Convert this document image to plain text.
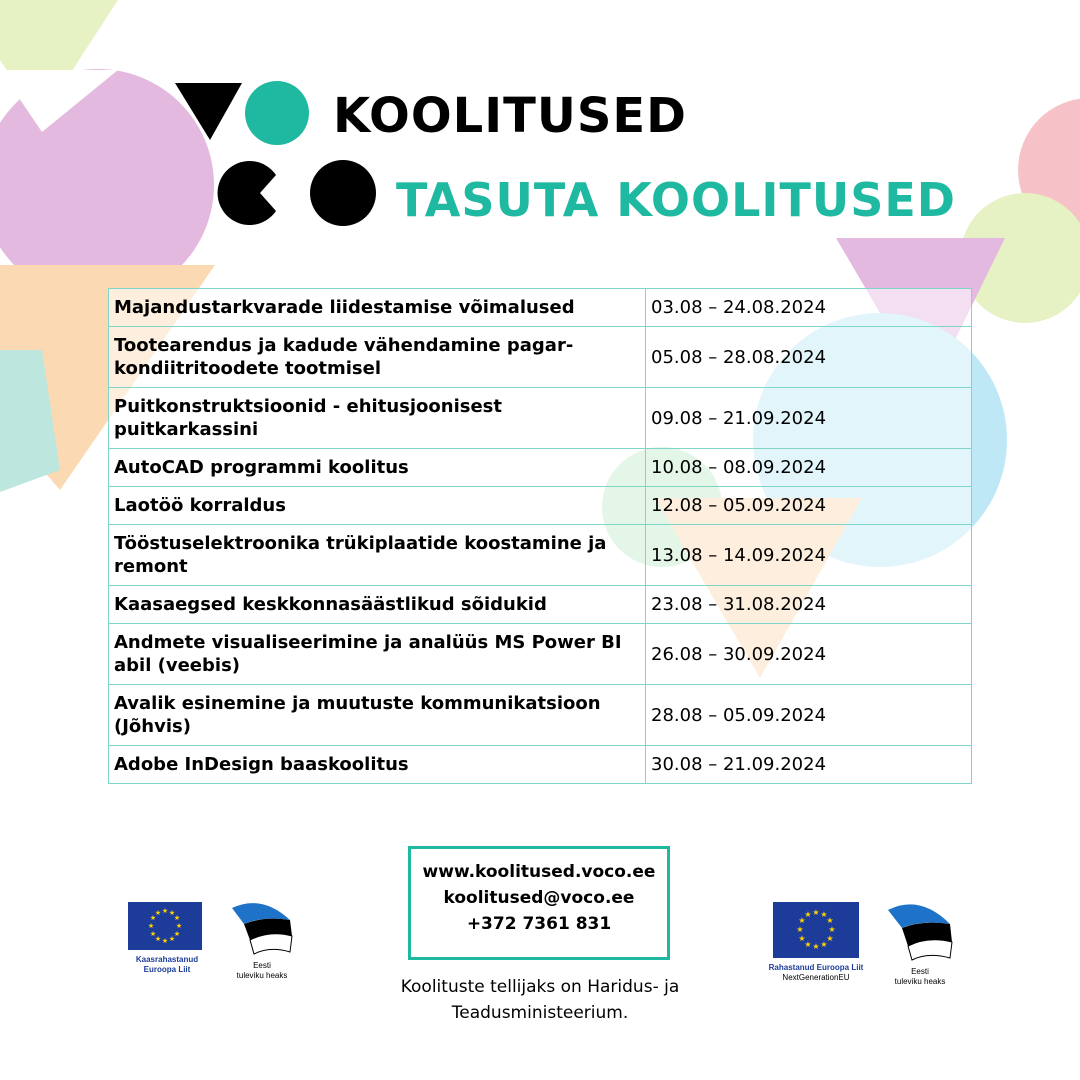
KOOLITUSED
TASUTA KOOLITUSED
Majandustarkvarade liidestamise võimalused	03.08 – 24.08.2024
Tootearendus ja kadude vähendamine pagar-kondiitritoodete tootmisel	05.08 – 28.08.2024
Puitkonstruktsioonid - ehitusjoonisest puitkarkassini	09.08 – 21.09.2024
AutoCAD programmi koolitus	10.08 – 08.09.2024
Laotöö korraldus	12.08 – 05.09.2024
Tööstuselektroonika trükiplaatide koostamine ja remont	13.08 – 14.09.2024
Kaasaegsed keskkonnasäästlikud sõidukid	23.08 – 31.08.2024
Andmete visualiseerimine ja analüüs MS Power BI abil (veebis)	26.08 – 30.09.2024
Avalik esinemine ja muutuste kommunikatsioon (Jõhvis)	28.08 – 05.09.2024
Adobe InDesign baaskoolitus	30.08 – 21.09.2024
www.koolitused.voco.ee
koolitused@voco.ee
+372 7361 831
Koolituste tellijaks on Haridus- ja
Teadusministeerium.
★ ★
★
★
★
★
★
★
★
★
★
★
Kaasrahastanud
Euroopa Liit	Eesti
tuleviku heaks
★ ★
★
★
★
★
★
★
★
★
★
★
Rahastanud Euroopa Liit
NextGenerationEU
Eesti
tuleviku heaks
